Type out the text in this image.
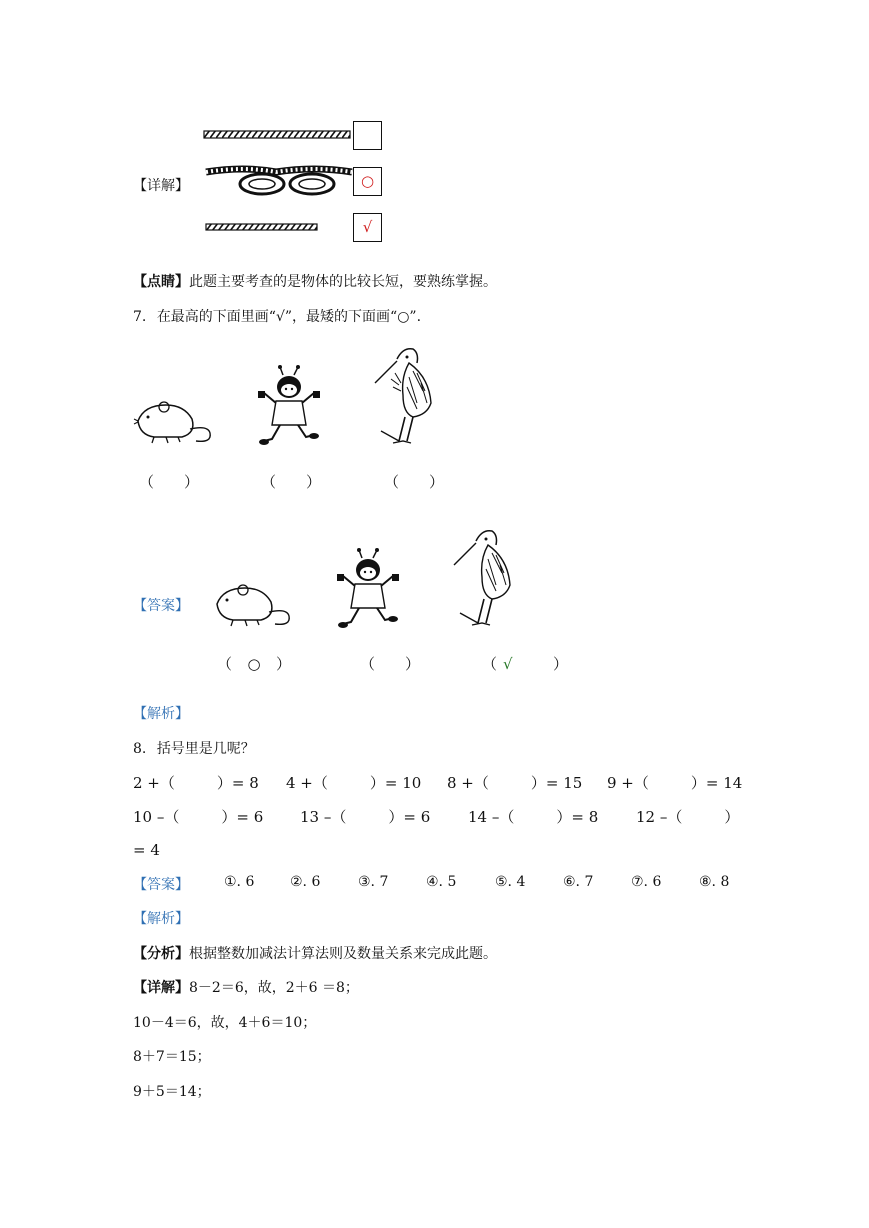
【详解】	○
√
【点睛】此题主要考查的是物体的比较长短，要熟练掌握。
7. 在最高的下面里画“√”，最矮的下面画“○”.
（ ）	（ ）	（ ）
【答案】
（ ○ ）	（ ）	（ √	）
【解析】
8. 括号里是几呢？
2 +（	）= 8 4 +（	）= 10 8 +（	）= 15 9 +（	）= 14
10 –（	）= 6 13 –（	）= 6	14 –（	）= 8	12 –（	）
= 4
【答案】	①. 6	②. 6	③. 7	④. 5	⑤. 4	⑥. 7	⑦. 6	⑧. 8
【解析】
【分析】根据整数加减法计算法则及数量关系来完成此题。
【详解】8－2＝6，故，2＋6 ＝8；
10－4＝6，故，4＋6＝10；
8＋7＝15；
9＋5＝14；
